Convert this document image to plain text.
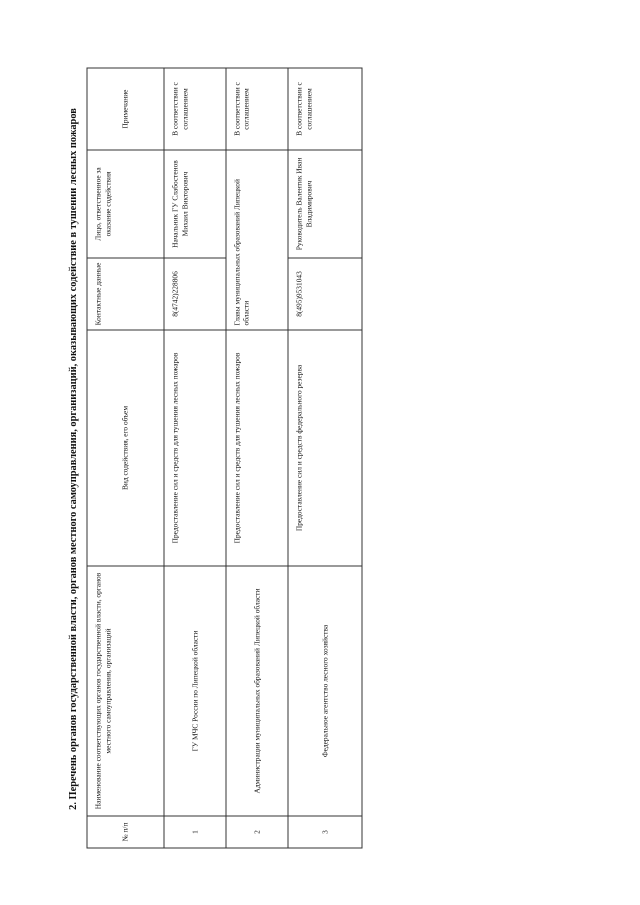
2. Перечень органов государственной власти, органов местного самоуправления, организаций, оказывающих содействие в тушении лесных пожаров
№ п/п	Наименование соответствующих органов государственной власти, органов местного самоуправления, организаций	Вид содействия, его объем	Контактные данные	Лицо, ответственное за оказание содействия	Примечание
1	ГУ МЧС России по Липецкой области	Предоставление сил и средств для тушения лесных пожаров	8(4742)228806	Начальник ГУ Слабостенов Михаил Викторович	В соответствии с соглашением
2	Администрации муниципальных образований Липецкой области	Предоставление сил и средств для тушения лесных пожаров	Главы муниципальных образований Липецкой области		В соответствии с соглашением
3	Федеральное агентство лесного хозяйства	Предоставление сил и средств федерального резерва	8(495)9531043	Руководитель Валентик Иван Владимирович	В соответствии с соглашением
